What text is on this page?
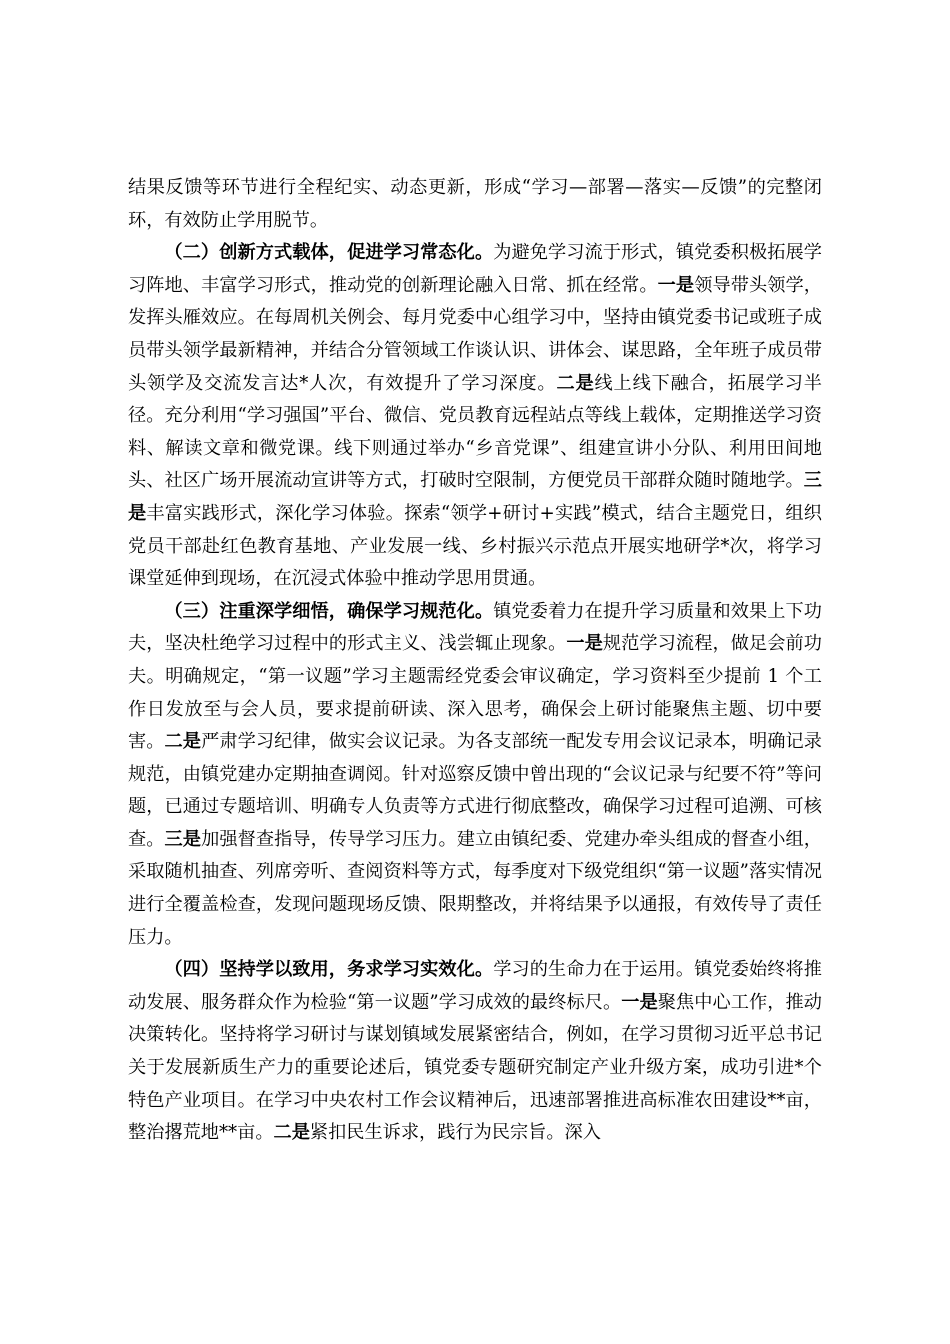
结果反馈等环节进行全程纪实、动态更新，形成“学习—部署—落实—反馈”的完整闭环，有效防止学用脱节。

（二）创新方式载体，促进学习常态化。为避免学习流于形式，镇党委积极拓展学习阵地、丰富学习形式，推动党的创新理论融入日常、抓在经常。一是领导带头领学，发挥头雁效应。在每周机关例会、每月党委中心组学习中，坚持由镇党委书记或班子成员带头领学最新精神，并结合分管领域工作谈认识、讲体会、谋思路，全年班子成员带头领学及交流发言达*人次，有效提升了学习深度。二是线上线下融合，拓展学习半径。充分利用“学习强国”平台、微信、党员教育远程站点等线上载体，定期推送学习资料、解读文章和微党课。线下则通过举办“乡音党课”、组建宣讲小分队、利用田间地头、社区广场开展流动宣讲等方式，打破时空限制，方便党员干部群众随时随地学。三是丰富实践形式，深化学习体验。探索“领学+研讨+实践”模式，结合主题党日，组织党员干部赴红色教育基地、产业发展一线、乡村振兴示范点开展实地研学*次，将学习课堂延伸到现场，在沉浸式体验中推动学思用贯通。

（三）注重深学细悟，确保学习规范化。镇党委着力在提升学习质量和效果上下功夫，坚决杜绝学习过程中的形式主义、浅尝辄止现象。一是规范学习流程，做足会前功夫。明确规定，“第一议题”学习主题需经党委会审议确定，学习资料至少提前 1 个工作日发放至与会人员，要求提前研读、深入思考，确保会上研讨能聚焦主题、切中要害。二是严肃学习纪律，做实会议记录。为各支部统一配发专用会议记录本，明确记录规范，由镇党建办定期抽查调阅。针对巡察反馈中曾出现的“会议记录与纪要不符”等问题，已通过专题培训、明确专人负责等方式进行彻底整改，确保学习过程可追溯、可核查。三是加强督查指导，传导学习压力。建立由镇纪委、党建办牵头组成的督查小组，采取随机抽查、列席旁听、查阅资料等方式，每季度对下级党组织“第一议题”落实情况进行全覆盖检查，发现问题现场反馈、限期整改，并将结果予以通报，有效传导了责任压力。

（四）坚持学以致用，务求学习实效化。学习的生命力在于运用。镇党委始终将推动发展、服务群众作为检验“第一议题”学习成效的最终标尺。一是聚焦中心工作，推动决策转化。坚持将学习研讨与谋划镇域发展紧密结合，例如，在学习贯彻习近平总书记关于发展新质生产力的重要论述后，镇党委专题研究制定产业升级方案，成功引进*个特色产业项目。在学习中央农村工作会议精神后，迅速部署推进高标准农田建设**亩，整治撂荒地**亩。二是紧扣民生诉求，践行为民宗旨。深入
